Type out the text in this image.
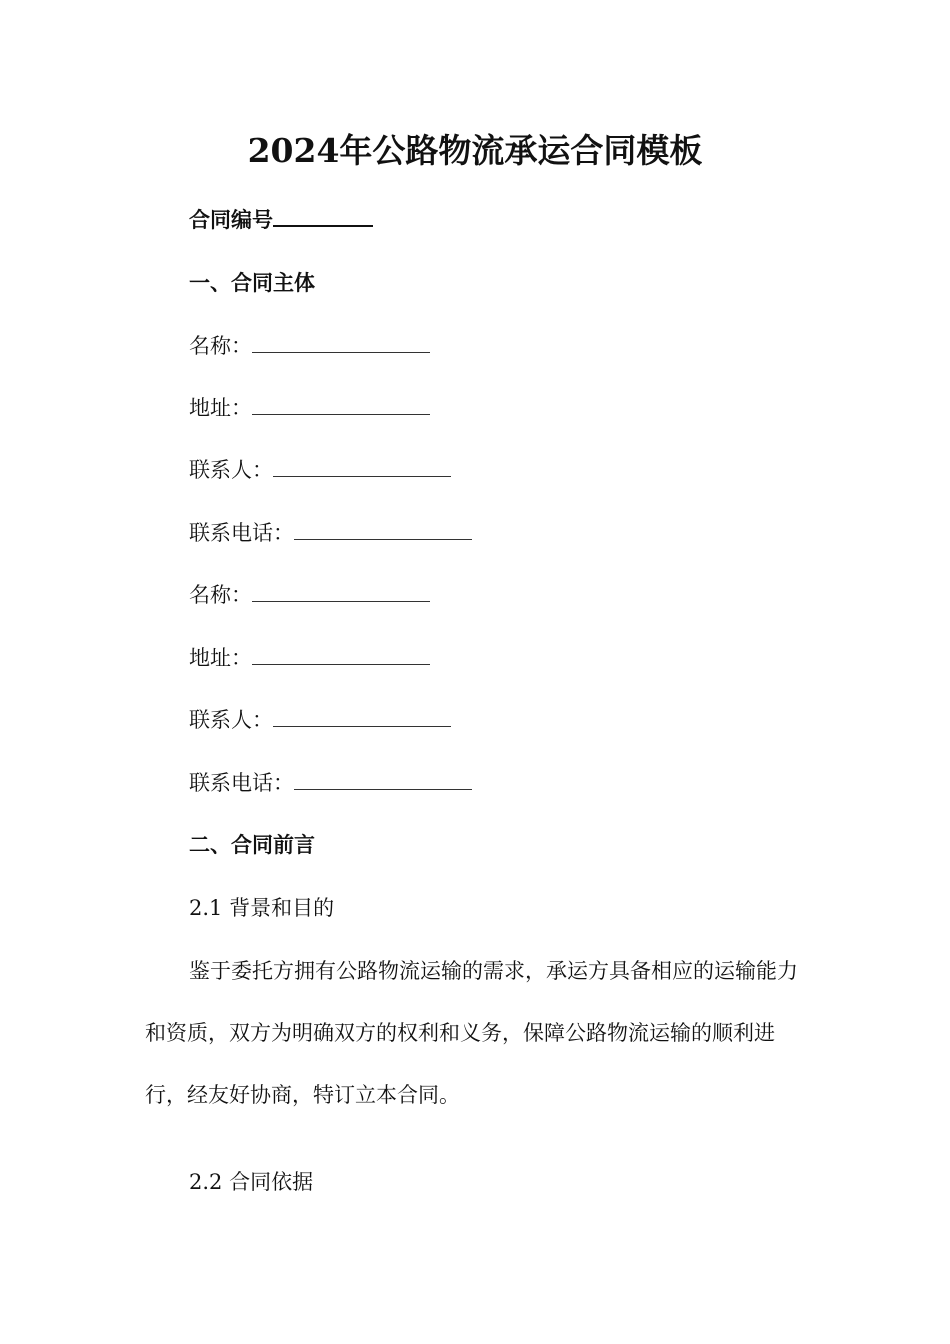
2024年公路物流承运合同模板
合同编号
一、合同主体
名称：
地址：
联系人：
联系电话：
名称：
地址：
联系人：
联系电话：
二、合同前言
2.1 背景和目的
鉴于委托方拥有公路物流运输的需求，承运方具备相应的运输能力和资质，双方为明确双方的权利和义务，保障公路物流运输的顺利进行，经友好协商，特订立本合同。
2.2 合同依据
